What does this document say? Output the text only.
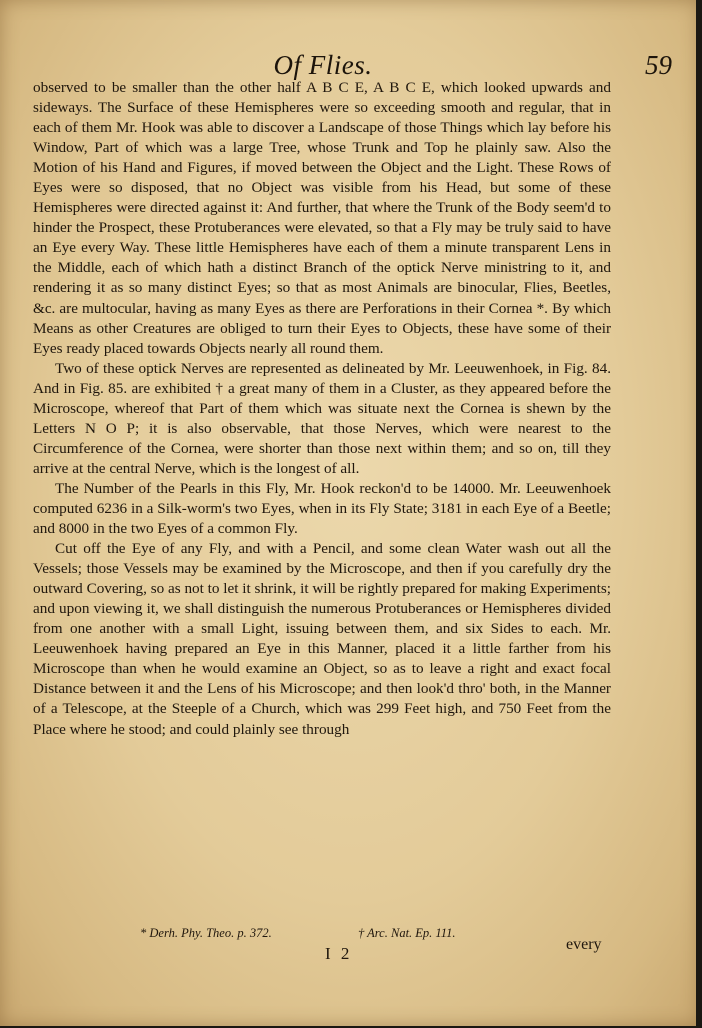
Of Flies.	59

observed to be smaller than the other half A B C E, A B C E, which looked upwards and sideways. The Surface of these Hemispheres were so exceeding smooth and regular, that in each of them Mr. Hook was able to discover a Landscape of those Things which lay before his Window, Part of which was a large Tree, whose Trunk and Top he plainly saw. Also the Motion of his Hand and Figures, if moved between the Object and the Light. These Rows of Eyes were so disposed, that no Object was visible from his Head, but some of these Hemispheres were directed against it: And further, that where the Trunk of the Body seem'd to hinder the Prospect, these Protuberances were elevated, so that a Fly may be truly said to have an Eye every Way. These little Hemispheres have each of them a minute transparent Lens in the Middle, each of which hath a distinct Branch of the optick Nerve ministring to it, and rendering it as so many distinct Eyes; so that as most Animals are binocular, Flies, Beetles, &c. are multocular, having as many Eyes as there are Perforations in their Cornea *. By which Means as other Creatures are obliged to turn their Eyes to Objects, these have some of their Eyes ready placed towards Objects nearly all round them.

Two of these optick Nerves are represented as delineated by Mr. Leeuwenhoek, in Fig. 84. And in Fig. 85. are exhibited † a great many of them in a Cluster, as they appeared before the Microscope, whereof that Part of them which was situate next the Cornea is shewn by the Letters N O P; it is also observable, that those Nerves, which were nearest to the Circumference of the Cornea, were shorter than those next within them; and so on, till they arrive at the central Nerve, which is the longest of all.

The Number of the Pearls in this Fly, Mr. Hook reckon'd to be 14000. Mr. Leeuwenhoek computed 6236 in a Silk-worm's two Eyes, when in its Fly State; 3181 in each Eye of a Beetle; and 8000 in the two Eyes of a common Fly.

Cut off the Eye of any Fly, and with a Pencil, and some clean Water wash out all the Vessels; those Vessels may be examined by the Microscope, and then if you carefully dry the outward Covering, so as not to let it shrink, it will be rightly prepared for making Experiments; and upon viewing it, we shall distinguish the numerous Protuberances or Hemispheres divided from one another with a small Light, issuing between them, and six Sides to each. Mr. Leeuwenhoek having prepared an Eye in this Manner, placed it a little farther from his Microscope than when he would examine an Object, so as to leave a right and exact focal Distance between it and the Lens of his Microscope; and then look'd thro' both, in the Manner of a Telescope, at the Steeple of a Church, which was 299 Feet high, and 750 Feet from the Place where he stood; and could plainly see through

* Derh. Phy. Theo. p. 372.	† Arc. Nat. Ep. 111.
I 2	every
